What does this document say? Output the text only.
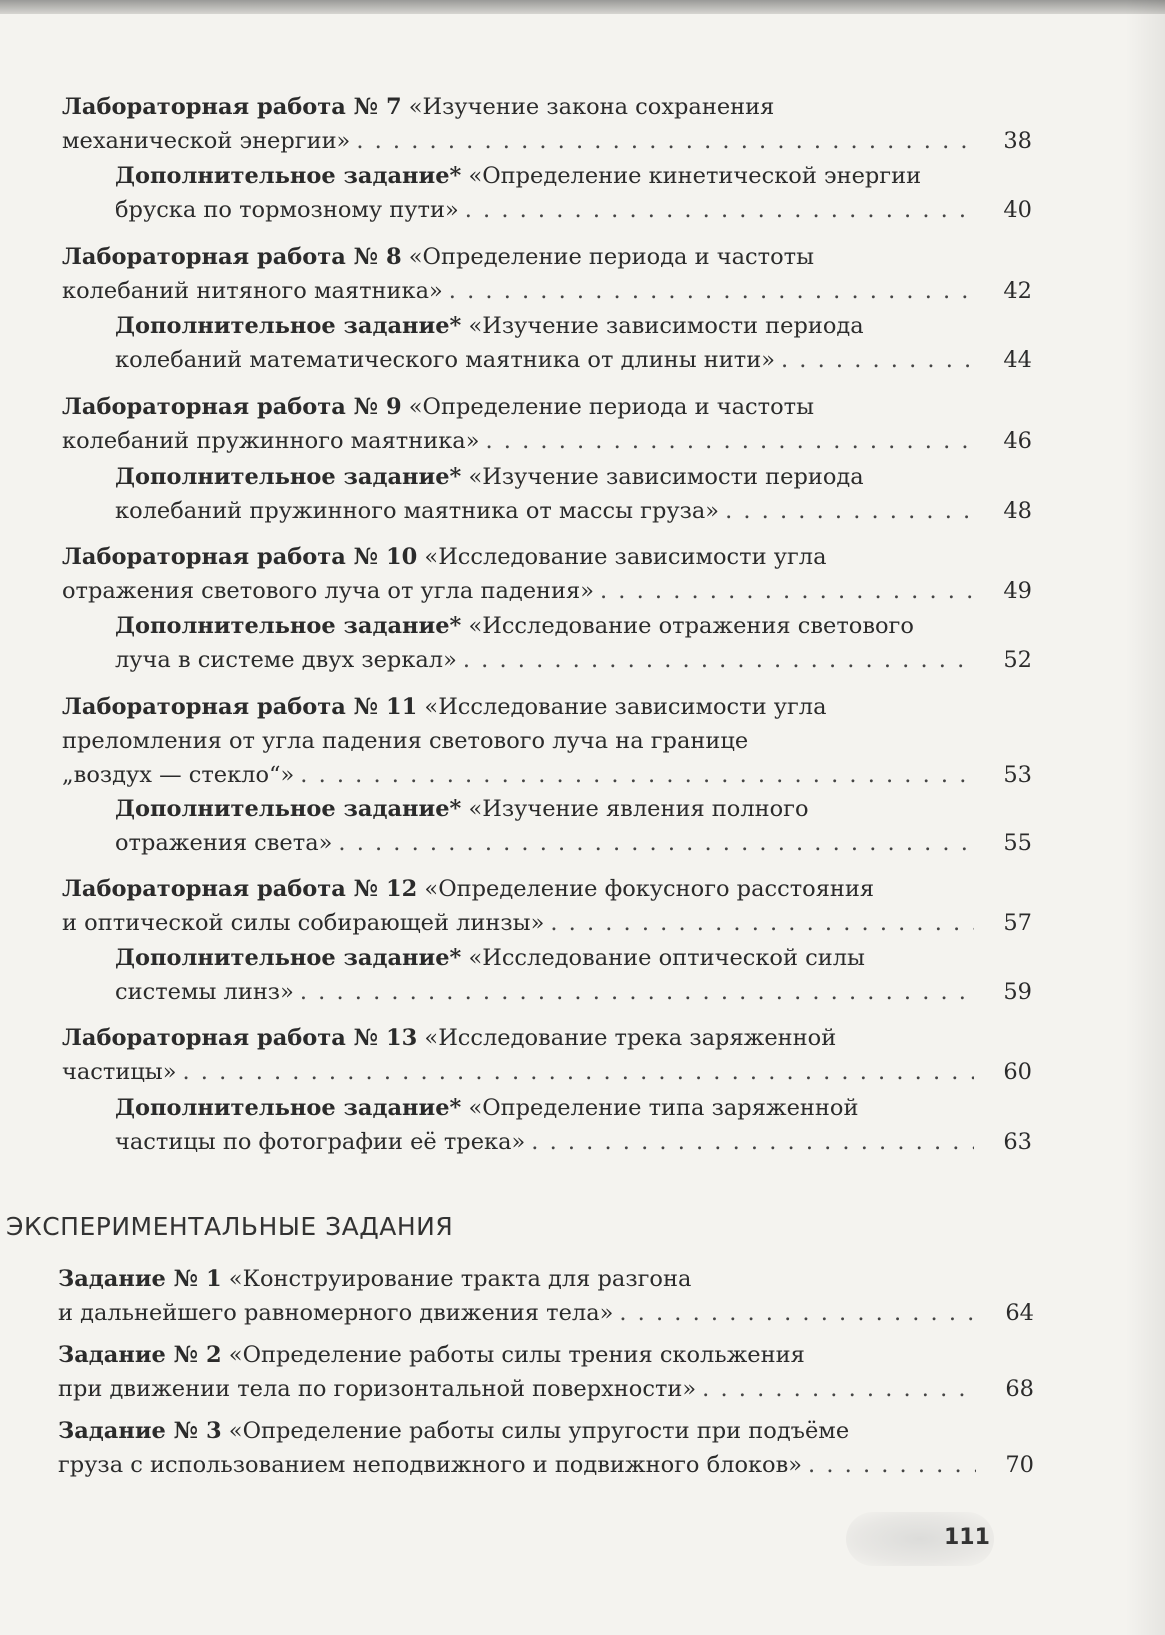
Лабораторная работа № 7 «Изучение закона сохранения
механической энергии» . . .	38
Дополнительное задание* «Определение кинетической энергии
бруска по тормозному пути» . . .	40
Лабораторная работа № 8 «Определение периода и частоты
колебаний нитяного маятника» . . .	42
Дополнительное задание* «Изучение зависимости периода
колебаний математического маятника от длины нити» . . .	44
Лабораторная работа № 9 «Определение периода и частоты
колебаний пружинного маятника» . . .	46
Дополнительное задание* «Изучение зависимости периода
колебаний пружинного маятника от массы груза» . . .	48
Лабораторная работа № 10 «Исследование зависимости угла
отражения светового луча от угла падения» . . .	49
Дополнительное задание* «Исследование отражения светового
луча в системе двух зеркал» . . .	52
Лабораторная работа № 11 «Исследование зависимости угла
преломления от угла падения светового луча на границе
„воздух — стекло“» . . .	53
Дополнительное задание* «Изучение явления полного
отражения света» . . .	55
Лабораторная работа № 12 «Определение фокусного расстояния
и оптической силы собирающей линзы» . . .	57
Дополнительное задание* «Исследование оптической силы
системы линз» . . .	59
Лабораторная работа № 13 «Исследование трека заряженной
частицы» . . .	60
Дополнительное задание* «Определение типа заряженной
частицы по фотографии её трека» . . .	63
ЭКСПЕРИМЕНТАЛЬНЫЕ ЗАДАНИЯ
Задание № 1 «Конструирование тракта для разгона
и дальнейшего равномерного движения тела» . . .	64
Задание № 2 «Определение работы силы трения скольжения
при движении тела по горизонтальной поверхности» . . .	68
Задание № 3 «Определение работы силы упругости при подъёме
груза с использованием неподвижного и подвижного блоков» . . .	70
111
